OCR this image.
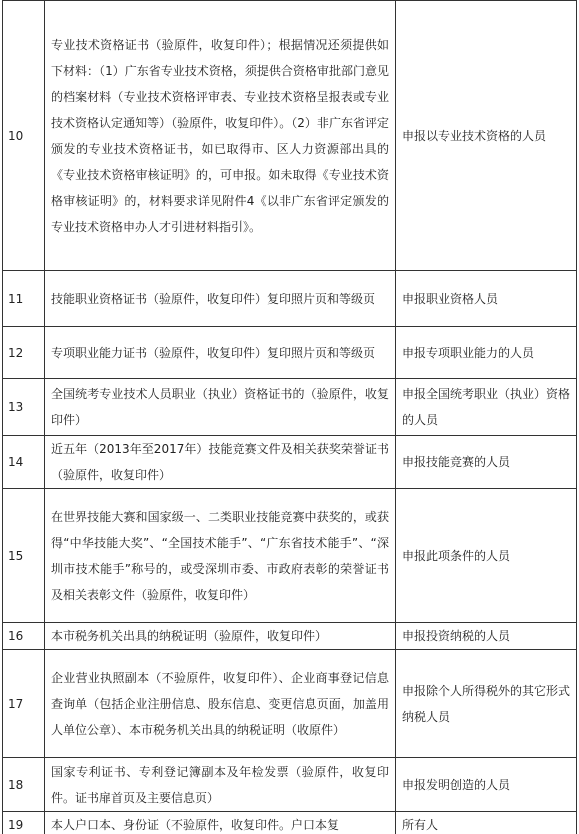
10	专业技术资格证书（验原件，收复印件）；根据情况还须提供如下材料：（1）广东省专业技术资格，须提供合资格审批部门意见的档案材料（专业技术资格评审表、专业技术资格呈报表或专业技术资格认定通知等）（验原件，收复印件）。（2）非广东省评定颁发的专业技术资格证书，如已取得市、区人力资源部出具的《专业技术资格审核证明》的，可申报。如未取得《专业技术资格审核证明》的，材料要求详见附件4《以非广东省评定颁发的专业技术资格申办人才引进材料指引》。	申报以专业技术资格的人员
11	技能职业资格证书（验原件，收复印件）复印照片页和等级页	申报职业资格人员
12	专项职业能力证书（验原件，收复印件）复印照片页和等级页	申报专项职业能力的人员
13	全国统考专业技术人员职业（执业）资格证书的（验原件，收复印件）	申报全国统考职业（执业）资格的人员
14	近五年（2013年至2017年）技能竞赛文件及相关获奖荣誉证书（验原件，收复印件）	申报技能竞赛的人员
15	在世界技能大赛和国家级一、二类职业技能竞赛中获奖的，或获得“中华技能大奖”、“全国技术能手”、“广东省技术能手”、“深圳市技术能手”称号的，或受深圳市委、市政府表彰的荣誉证书及相关表彰文件（验原件，收复印件）	申报此项条件的人员
16	本市税务机关出具的纳税证明（验原件，收复印件）	申报投资纳税的人员
17	企业营业执照副本（不验原件，收复印件）、企业商事登记信息查询单（包括企业注册信息、股东信息、变更信息页面，加盖用人单位公章）、本市税务机关出具的纳税证明（收原件）	申报除个人所得税外的其它形式纳税人员
18	国家专利证书、专利登记簿副本及年检发票（验原件，收复印件。证书扉首页及主要信息页）	申报发明创造的人员

19	本人户口本、身份证（不验原件，收复印件。户口本复	所有人
